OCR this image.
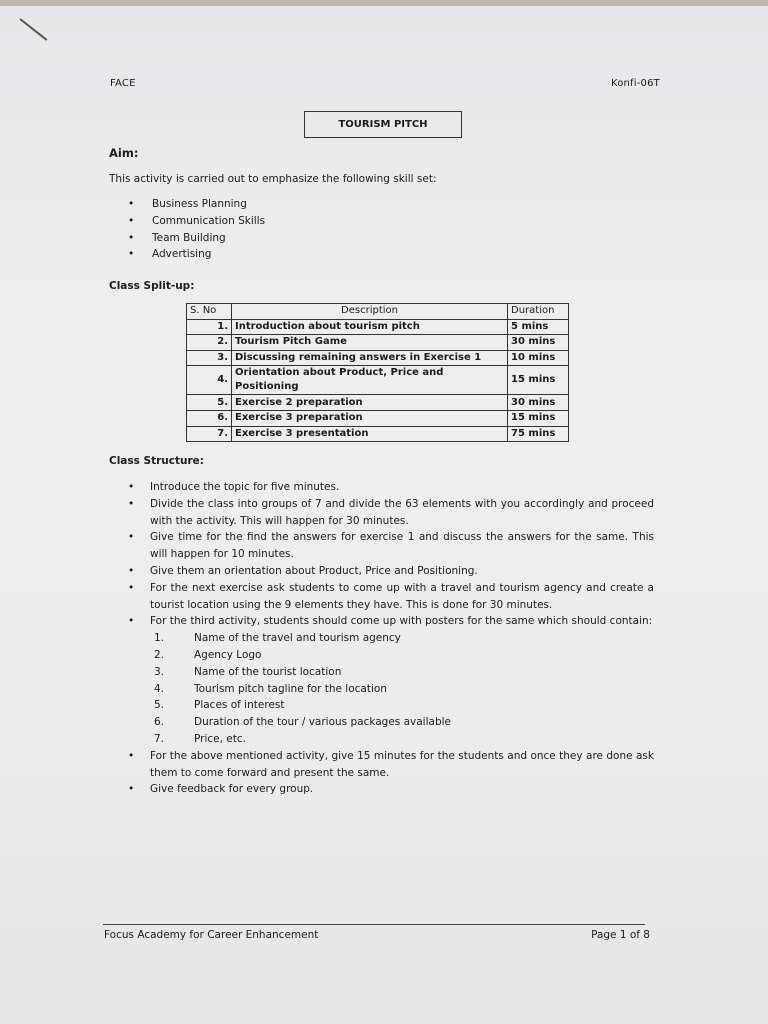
FACE	Konfi-06T
TOURISM PITCH
Aim:
This activity is carried out to emphasize the following skill set:
• Business Planning
• Communication Skills
• Team Building
• Advertising
Class Split-up:
S. No	Description	Duration
1.	Introduction about tourism pitch	5 mins
2.	Tourism Pitch Game	30 mins
3.	Discussing remaining answers in Exercise 1	10 mins
4.	Orientation about Product, Price and Positioning	15 mins
5.	Exercise 2 preparation	30 mins
6.	Exercise 3 preparation	15 mins
7.	Exercise 3 presentation	75 mins
Class Structure:
• Introduce the topic for five minutes.
• Divide the class into groups of 7 and divide the 63 elements with you accordingly and proceed with the activity. This will happen for 30 minutes.
• Give time for the find the answers for exercise 1 and discuss the answers for the same. This will happen for 10 minutes.
• Give them an orientation about Product, Price and Positioning.
• For the next exercise ask students to come up with a travel and tourism agency and create a tourist location using the 9 elements they have. This is done for 30 minutes.
• For the third activity, students should come up with posters for the same which should contain:
1.	Name of the travel and tourism agency
2.	Agency Logo
3.	Name of the tourist location
4.	Tourism pitch tagline for the location
5.	Places of interest
6.	Duration of the tour / various packages available
7.	Price, etc.
• For the above mentioned activity, give 15 minutes for the students and once they are done ask them to come forward and present the same.
• Give feedback for every group.
Focus Academy for Career Enhancement	Page 1 of 8
